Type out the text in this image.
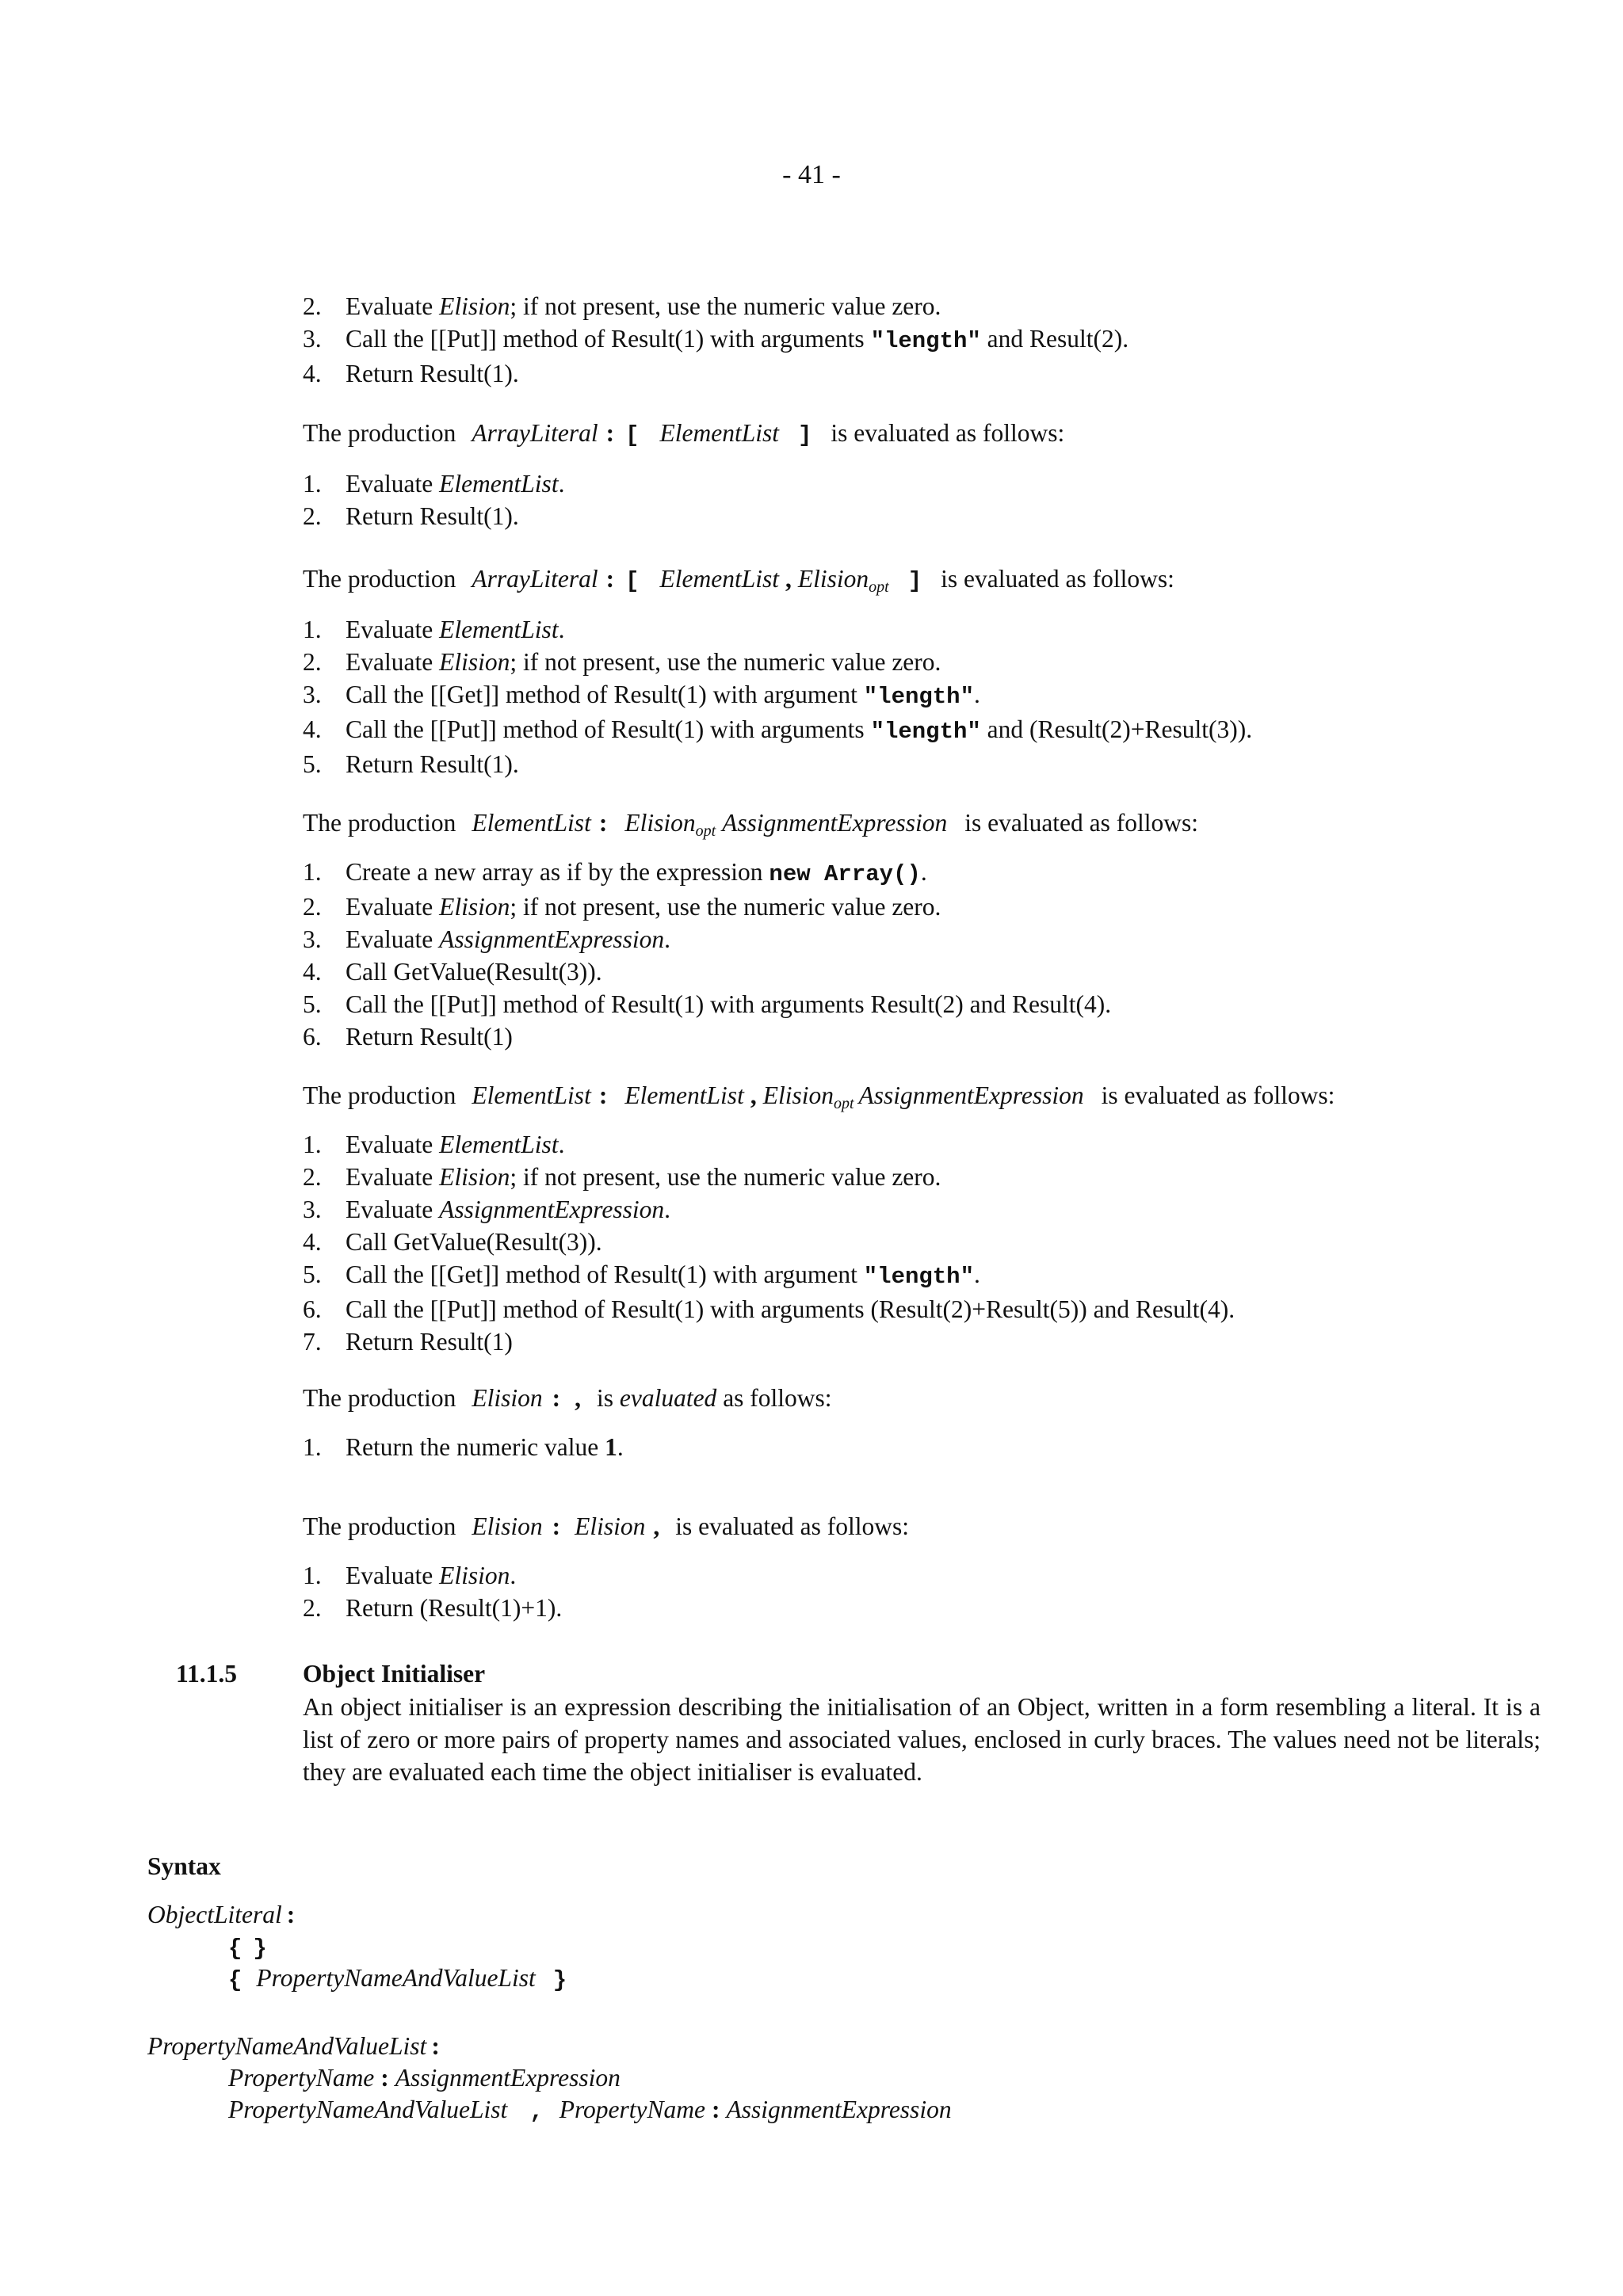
- 41 -
2. Evaluate Elision; if not present, use the numeric value zero.
3. Call the [[Put]] method of Result(1) with arguments "length" and Result(2).
4. Return Result(1).
The production ArrayLiteral : [ ElementList ] is evaluated as follows:
1. Evaluate ElementList.
2. Return Result(1).
The production ArrayLiteral : [ ElementList , Elision$_{opt}$ ] is evaluated as follows:
1. Evaluate ElementList.
2. Evaluate Elision; if not present, use the numeric value zero.
3. Call the [[Get]] method of Result(1) with argument "length".
4. Call the [[Put]] method of Result(1) with arguments "length" and (Result(2)+Result(3)).
5. Return Result(1).
The production ElementList : Elision$_{opt}$ AssignmentExpression is evaluated as follows:
1. Create a new array as if by the expression new Array().
2. Evaluate Elision; if not present, use the numeric value zero.
3. Evaluate AssignmentExpression.
4. Call GetValue(Result(3)).
5. Call the [[Put]] method of Result(1) with arguments Result(2) and Result(4).
6. Return Result(1)
The production ElementList : ElementList , Elision$_{opt}$ AssignmentExpression is evaluated as follows:
1. Evaluate ElementList.
2. Evaluate Elision; if not present, use the numeric value zero.
3. Evaluate AssignmentExpression.
4. Call GetValue(Result(3)).
5. Call the [[Get]] method of Result(1) with argument "length".
6. Call the [[Put]] method of Result(1) with arguments (Result(2)+Result(5)) and Result(4).
7. Return Result(1)
The production Elision : , is evaluated as follows:
1. Return the numeric value 1.
The production Elision : Elision , is evaluated as follows:
1. Evaluate Elision.
2. Return (Result(1)+1).
11.1.5	Object Initialiser
An object initialiser is an expression describing the initialisation of an Object, written in a form resembling a literal. It is a list of zero or more pairs of property names and associated values, enclosed in curly braces. The values need not be literals; they are evaluated each time the object initialiser is evaluated.
Syntax
ObjectLiteral :
{ }
{ PropertyNameAndValueList }
PropertyNameAndValueList :
PropertyName : AssignmentExpression
PropertyNameAndValueList , PropertyName : AssignmentExpression
